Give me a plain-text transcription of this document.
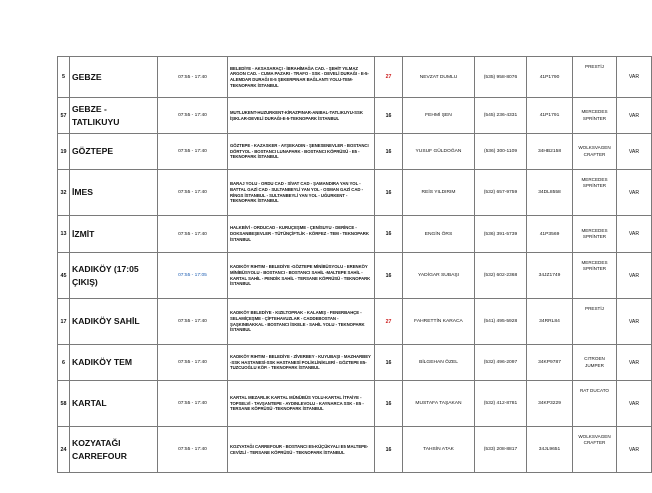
5	GEBZE	07:55 - 17:40	BELEDİYE - AKSASARAÇI - İBRAHİMAĞA CAD. - ŞEHİT YILMAZ ARGON CAD. - CUMA PAZARI - TRAFO - SSK - DEVELİ DURAĞI - E-5-ALEMDAR DURAĞI E-5 ŞEKERPINAR BAĞLANTI YOLU-TEM- TEKNOPARK İSTANBUL	27	NEVZAT DUMLU	(535) 958-8076	41P1790	PRESTİJ	VAR
57	GEBZE - TATLIKUYU	07:55 - 17:40	MUTLUKENT-HUZURKENT-KİRAZPINAR-ANIBAL-TATLIKUYU-SSK İŞIKLAR-DEVELİ DURAĞI-E-5-TEKNOPARK İSTANBUL	16	FEHMİ ŞEN	(545) 236-4331	41P1791	MERCEDES SPRİNTER	VAR
19	GÖZTEPE	07:55 - 17:40	GÖZTEPE - KAZASKER - AYŞEKADIN - ŞENESENEVLER - BOSTANCI DÖRTYOL - BOSTANCI LUNAPARK - BOSTANCI KÖPRÜSÜ - E5 - TEKNOPARK İSTANBUL	16	YUSUF GÜLDOĞAN	(536) 300-1109	34HB2158	WOLKSVAGEN CRAFTER	VAR
32	İMES	07:55 - 17:40	BARAJ YOLU - ORDU CAD - SİVAT CAD - ŞAMANDIRA YAN YOL -BATTAL GAZİ CAD - SULTANBEYLİ YAN YOL - OSMAN GAZİ CAD - RİNGS İSTANBUL - SULTANBEYLİ YAN YOL - UĞURKENT - TEKNOPARK İSTANBUL	16	REİS YILDIRIM	(532) 657-9759	34DL8558	MERCEDES SPRİNTER	VAR
13	İZMİT	07:55 - 17:40	HALKBİVİ - ORDUCAD - KURUÇEŞME - ÇENİSUYU - DERİNCE - DOKSANBEŞEVLER - TÜTÜNÇİFTLİK - KÖRFEZ - TEM - TEKNOPARK İSTANBUL	16	ENGİN ÖRS	(536) 391-5739	41P3569	MERCEDES SPRİNTER	VAR
45	KADIKÖY (17:05 ÇIKIŞ)	07:55 - 17:05	KADIKÖY RIHTIM - BELEDİYE -GÖZTEPE MİNİBÜSYOLU - ERENKÖY MİNİBÜSYOLU - BOSTANCI - BOSTANCI SAHİL -MALTEPE SAHİL - KARTAL SAHİL - PENDİK SAHİL - TERSANE KÖPRÜSÜ - TEKNOPARK İSTANBUL	16	YADİGAR SUBAŞI	(532) 602-2368	34JZ1749	MERCEDES SPRİNTER	VAR
17	KADIKÖY SAHİL	07:55 - 17:40	KADIKÖY BELEDİYE - KIZILTOPRAK - KALAMIŞ - FENERBAHÇE - SELAMİÇEŞME - ÇİFTEHAVUZLAR - CADDEBOSTAN - ŞAŞKINBAKKAL - BOSTANCI İSKELE - SAHİL YOLU - TEKNOPARK İSTANBUL	27	FAHRETTİN KARACA	(541) 495-5928	34RRL84	PRESTİJ	VAR
6	KADIKÖY TEM	07:55 - 17:40	KADIKÖY RIHTIM - BELEDİYE - ZİVERBEY - KUYUBAŞI - MAZHARBEY -SSK HASTANESİ-SSK HASTANESİ POLİKLİNİKLERİ - GÖZTEPE E5- TUZCUOĞLU KÖP. - TEKNOPARK İSTANBUL	16	BİLGEHAN ÖZEL	(532) 496-2097	34KP9787	CITROEN JUMPER	VAR
58	KARTAL	07:55 - 17:40	KARTAL MEZARLIK KARTAL MÜNÜBÜS YOLU-KARTAL İTFAİYE - TOPSELVİ - TAVŞANTEPE - AYDINLEVOLU - KAYNARCA SSK - E5 - TERSANE KÖPRÜSÜ -TEKNOPARK İSTANBUL	16	MUSTAFA TAŞAKAN	(532) 412-8781	34KP3229	RAT DUCATO	VAR
24	KOZYATAĞI CARREFOUR	07:55 - 17:40	KOZYATAĞI CARREFOUR - BOSTANCI E5-KÜÇÜKYALI E5 MALTEPE-CEVİZLİ - TERSANE KÖPRÜSÜ - TEKNOPARK İSTANBUL	16	TAHSİN ATAK	(533) 208-8817	34JL9651	WOLKSVAGEN CRAFTER	VAR
